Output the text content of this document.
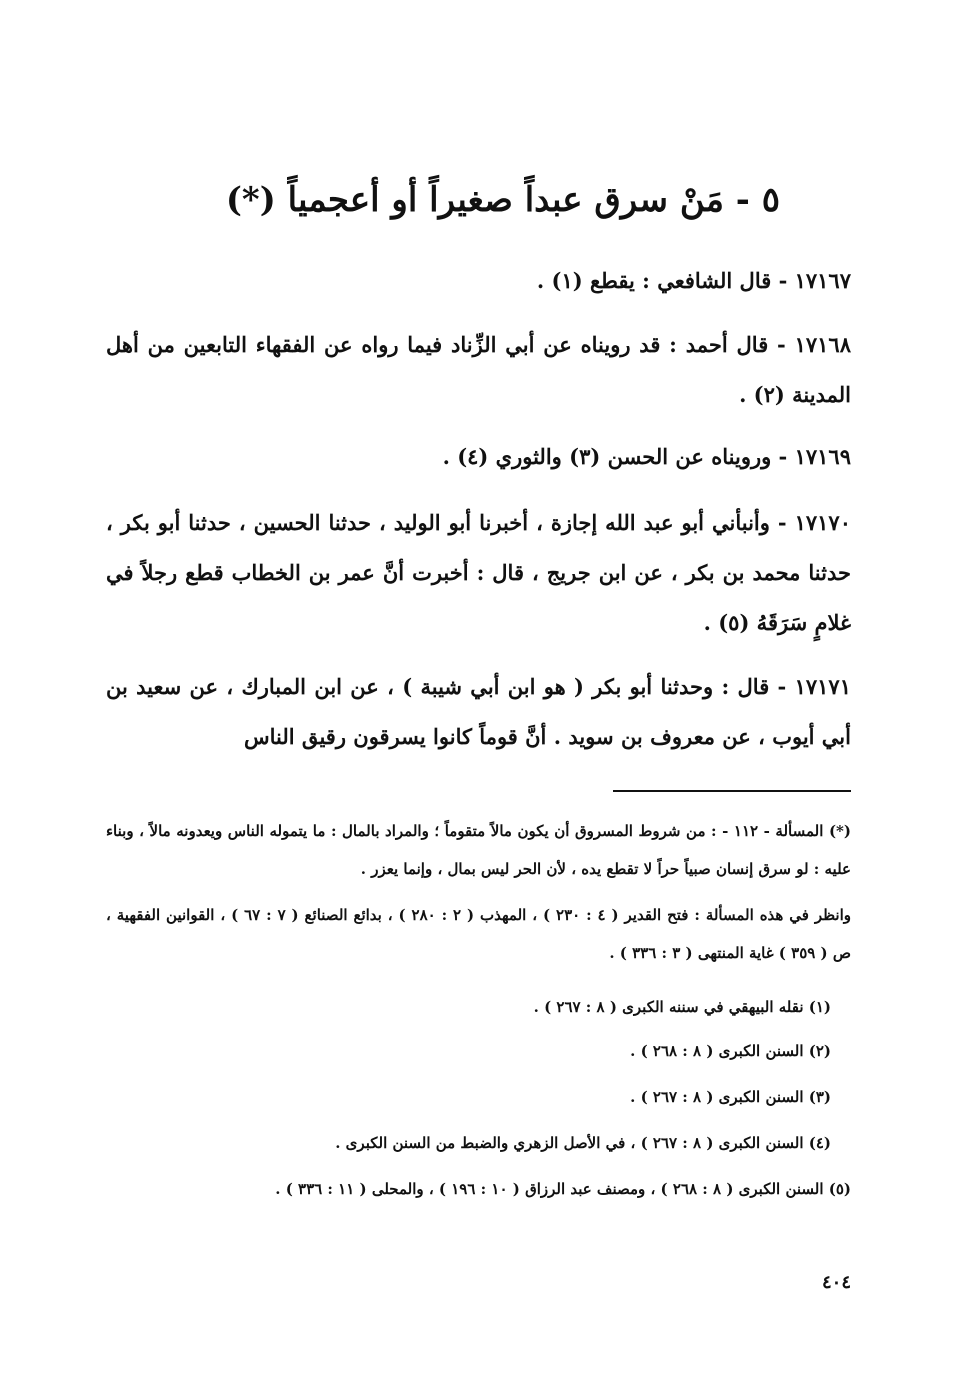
٥ - مَنْ سرق عبداً صغيراً أو أعجمياً (*)
١٧١٦٧ - قال الشافعي : يقطع (١) .
١٧١٦٨ - قال أحمد : قد رويناه عن أبي الزِّناد فيما رواه عن الفقهاء التابعين من أهل المدينة (٢) .
١٧١٦٩ - ورويناه عن الحسن (٣) والثوري (٤) .
١٧١٧٠ - وأنبأني أبو عبد الله إجازة ، أخبرنا أبو الوليد ، حدثنا الحسين ، حدثنا أبو بكر ، حدثنا محمد بن بكر ، عن ابن جريج ، قال : أخبرت أنَّ عمر بن الخطاب قطع رجلاً في غلامٍ سَرَقَهُ (٥) .
١٧١٧١ - قال : وحدثنا أبو بكر ( هو ابن أبي شيبة ) ، عن ابن المبارك ، عن سعيد بن أبي أيوب ، عن معروف بن سويد . أنَّ قوماً كانوا يسرقون رقيق الناس
(*) المسألة - ١١٢ - : من شروط المسروق أن يكون مالاً متقوماً ؛ والمراد بالمال : ما يتموله الناس ويعدونه مالاً ، وبناء عليه : لو سرق إنسان صبياً حراً لا تقطع يده ، لأن الحر ليس بمال ، وإنما يعزر .
وانظر في هذه المسألة : فتح القدير ( ٤ : ٢٣٠ ) ، المهذب ( ٢ : ٢٨٠ ) ، بدائع الصنائع ( ٧ : ٦٧ ) ، القوانين الفقهية ، ص ( ٣٥٩ ) غاية المنتهى ( ٣ : ٣٣٦ ) .
(١) نقله البيهقي في سننه الكبرى ( ٨ : ٢٦٧ ) .
(٢) السنن الكبرى ( ٨ : ٢٦٨ ) .
(٣) السنن الكبرى ( ٨ : ٢٦٧ ) .
(٤) السنن الكبرى ( ٨ : ٢٦٧ ) ، في الأصل الزهري والضبط من السنن الكبرى .
(٥) السنن الكبرى ( ٨ : ٢٦٨ ) ، ومصنف عبد الرزاق ( ١٠ : ١٩٦ ) ، والمحلى ( ١١ : ٣٣٦ ) .
٤٠٤
